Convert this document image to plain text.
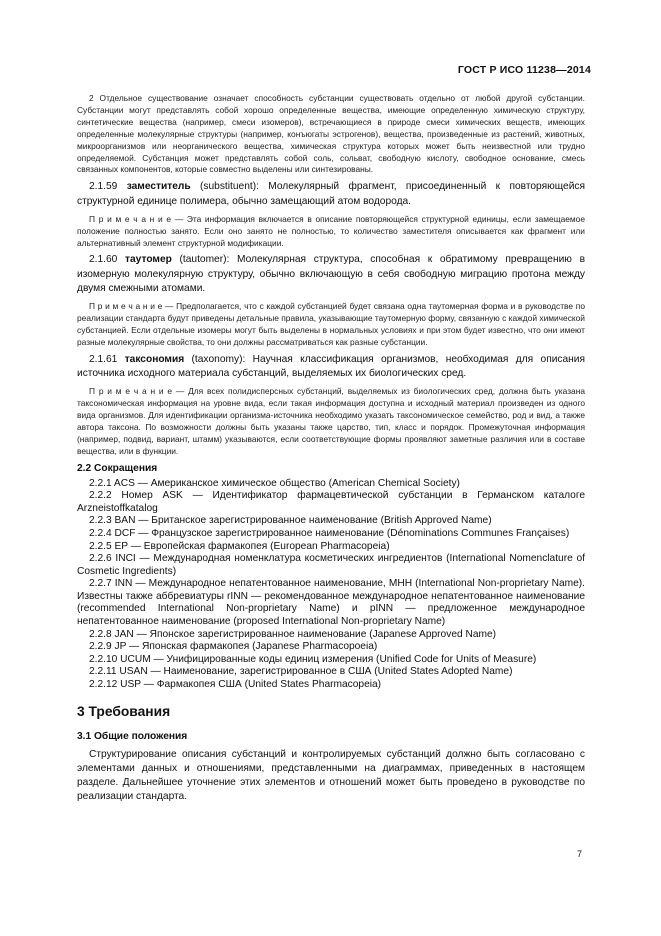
ГОСТ Р ИСО 11238—2014

2 Отдельное существование означает способность субстанции существовать отдельно от любой другой субстанции. Субстанции могут представлять собой хорошо определенные вещества, имеющие определенную химическую структуру, синтетические вещества (например, смеси изомеров), встречающиеся в природе смеси химических веществ, имеющих определенные молекулярные структуры (например, конъюгаты эстрогенов), вещества, произведенные из растений, животных, микроорганизмов или неорганического вещества, химическая структура которых может быть неизвестной или трудно определяемой. Субстанция может представлять собой соль, сольват, свободную кислоту, свободное основание, смесь связанных компонентов, которые совместно выделены или синтезированы.

2.1.59 заместитель (substituent): Молекулярный фрагмент, присоединенный к повторяющейся структурной единице полимера, обычно замещающий атом водорода.

П р и м е ч а н и е — Эта информация включается в описание повторяющейся структурной единицы, если замещаемое положение полностью занято. Если оно занято не полностью, то количество заместителя описывается как фрагмент или альтернативный элемент структурной модификации.

2.1.60 таутомер (tautomer): Молекулярная структура, способная к обратимому превращению в изомерную молекулярную структуру, обычно включающую в себя свободную миграцию протона между двумя смежными атомами.

П р и м е ч а н и е — Предполагается, что с каждой субстанцией будет связана одна таутомерная форма и в руководстве по реализации стандарта будут приведены детальные правила, указывающие таутомерную форму, связанную с каждой химической субстанцией. Если отдельные изомеры могут быть выделены в нормальных условиях и при этом будет известно, что они имеют разные молекулярные свойства, то они должны рассматриваться как разные субстанции.

2.1.61 таксономия (taxonomy): Научная классификация организмов, необходимая для описания источника исходного материала субстанций, выделяемых их биологических сред.

П р и м е ч а н и е — Для всех полидисперсных субстанций, выделяемых из биологических сред, должна быть указана таксономическая информация на уровне вида, если такая информация доступна и исходный материал произведен из одного вида организмов. Для идентификации организма-источника необходимо указать таксономическое семейство, род и вид, а также автора таксона. По возможности должны быть указаны также царство, тип, класс и порядок. Промежуточная информация (например, подвид, вариант, штамм) указываются, если соответствующие формы проявляют заметные различия или в составе вещества, или в функции.

2.2 Сокращения

2.2.1 ACS — Американское химическое общество (American Chemical Society)

2.2.2 Номер ASK — Идентификатор фармацевтической субстанции в Германском каталоге Arzneistoffkatalog

2.2.3 BAN — Британское зарегистрированное наименование (British Approved Name)

2.2.4 DCF — Французское зарегистрированное наименование (Dénominations Communes Françaises)

2.2.5 EP — Европейская фармакопея (European Pharmacopeia)

2.2.6 INCI — Международная номенклатура косметических ингредиентов (International Nomenclature of Cosmetic Ingredients)

2.2.7 INN — Международное непатентованное наименование, МНН (International Non-proprietary Name). Известны также аббревиатуры rINN — рекомендованное международное непатентованное наименование (recommended International Non-proprietary Name) и pINN — предложенное международное непатентованное наименование (proposed International Non-proprietary Name)

2.2.8 JAN — Японское зарегистрированное наименование (Japanese Approved Name)

2.2.9 JP — Японская фармакопея (Japanese Pharmacopoeia)

2.2.10 UCUM — Унифицированные коды единиц измерения (Unified Code for Units of Measure)

2.2.11 USAN — Наименование, зарегистрированное в США (United States Adopted Name)

2.2.12 USP — Фармакопея США (United States Pharmacopeia)

3 Требования
3.1 Общие положения

Структурирование описания субстанций и контролируемых субстанций должно быть согласовано с элементами данных и отношениями, представленными на диаграммах, приведенных в настоящем разделе. Дальнейшее уточнение этих элементов и отношений может быть проведено в руководстве по реализации стандарта.

7
